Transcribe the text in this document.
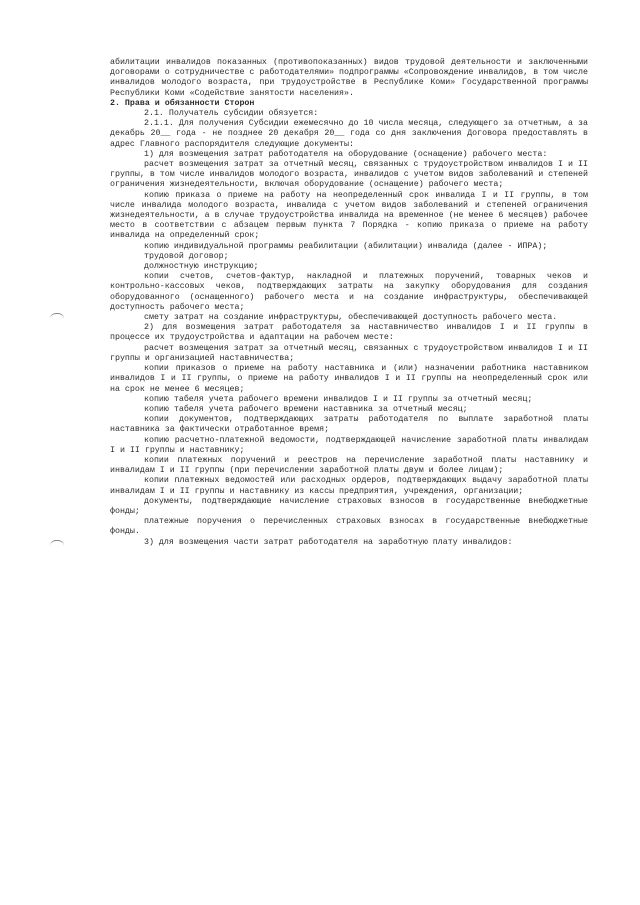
абилитации инвалидов показанных (противопоказанных) видов трудовой деятельности и заключенными договорами о сотрудничестве с работодателями» подпрограммы «Сопровождение инвалидов, в том числе инвалидов молодого возраста, при трудоустройстве в Республике Коми» Государственной программы Республики Коми «Содействие занятости населения».

2. Права и обязанности Сторон

2.1. Получатель субсидии обязуется:

2.1.1. Для получения Субсидии ежемесячно до 10 числа месяца, следующего за отчетным, а за декабрь 20__ года - не позднее 20 декабря 20__ года со дня заключения Договора предоставлять в адрес Главного распорядителя следующие документы:

1) для возмещения затрат работодателя на оборудование (оснащение) рабочего места:

расчет возмещения затрат за отчетный месяц, связанных с трудоустройством инвалидов I и II группы, в том числе инвалидов молодого возраста, инвалидов с учетом видов заболеваний и степеней ограничения жизнедеятельности, включая оборудование (оснащение) рабочего места;

копию приказа о приеме на работу на неопределенный срок инвалида I и II группы, в том числе инвалида молодого возраста, инвалида с учетом видов заболеваний и степеней ограничения жизнедеятельности, а в случае трудоустройства инвалида на временное (не менее 6 месяцев) рабочее место в соответствии с абзацем первым пункта 7 Порядка - копию приказа о приеме на работу инвалида на определенный срок;

копию индивидуальной программы реабилитации (абилитации) инвалида (далее - ИПРА);

трудовой договор;

должностную инструкцию;

копии счетов, счетов-фактур, накладной и платежных поручений, товарных чеков и контрольно-кассовых чеков, подтверждающих затраты на закупку оборудования для создания оборудованного (оснащенного) рабочего места и на создание инфраструктуры, обеспечивающей доступность рабочего места;

смету затрат на создание инфраструктуры, обеспечивающей доступность рабочего места.

2) для возмещения затрат работодателя за наставничество инвалидов I и II группы в процессе их трудоустройства и адаптации на рабочем месте:

расчет возмещения затрат за отчетный месяц, связанных с трудоустройством инвалидов I и II группы и организацией наставничества;

копии приказов о приеме на работу наставника и (или) назначении работника наставником инвалидов I и II группы, о приеме на работу инвалидов I и II группы на неопределенный срок или на срок не менее 6 месяцев;

копию табеля учета рабочего времени инвалидов I и II группы за отчетный месяц;

копию табеля учета рабочего времени наставника за отчетный месяц;

копии документов, подтверждающих затраты работодателя по выплате заработной платы наставника за фактически отработанное время;

копию расчетно-платежной ведомости, подтверждающей начисление заработной платы инвалидам I и II группы и наставнику;

копии платежных поручений и реестров на перечисление заработной платы наставнику и инвалидам I и II группы (при перечислении заработной платы двум и более лицам);

копии платежных ведомостей или расходных ордеров, подтверждающих выдачу заработной платы инвалидам I и II группы и наставнику из кассы предприятия, учреждения, организации;

документы, подтверждающие начисление страховых взносов в государственные внебюджетные фонды;

платежные поручения о перечисленных страховых взносах в государственные внебюджетные фонды.

3) для возмещения части затрат работодателя на заработную плату инвалидов:
